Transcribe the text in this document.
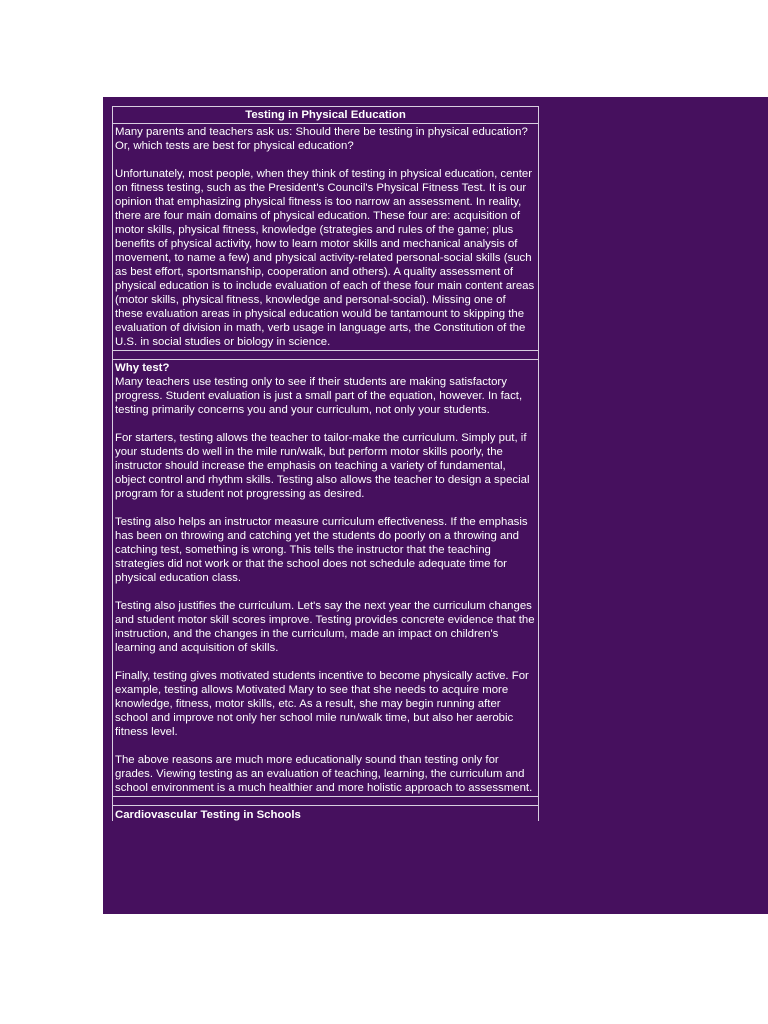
Testing in Physical Education

Many parents and teachers ask us: Should there be testing in physical education? Or, which tests are best for physical education?

Unfortunately, most people, when they think of testing in physical education, center on fitness testing, such as the President's Council's Physical Fitness Test. It is our opinion that emphasizing physical fitness is too narrow an assessment. In reality, there are four main domains of physical education. These four are: acquisition of motor skills, physical fitness, knowledge (strategies and rules of the game; plus benefits of physical activity, how to learn motor skills and mechanical analysis of movement, to name a few) and physical activity-related personal-social skills (such as best effort, sportsmanship, cooperation and others). A quality assessment of physical education is to include evaluation of each of these four main content areas (motor skills, physical fitness, knowledge and personal-social). Missing one of these evaluation areas in physical education would be tantamount to skipping the evaluation of division in math, verb usage in language arts, the Constitution of the U.S. in social studies or biology in science.

Why test?

Many teachers use testing only to see if their students are making satisfactory progress. Student evaluation is just a small part of the equation, however. In fact, testing primarily concerns you and your curriculum, not only your students.

For starters, testing allows the teacher to tailor-make the curriculum. Simply put, if your students do well in the mile run/walk, but perform motor skills poorly, the instructor should increase the emphasis on teaching a variety of fundamental, object control and rhythm skills. Testing also allows the teacher to design a special program for a student not progressing as desired.

Testing also helps an instructor measure curriculum effectiveness. If the emphasis has been on throwing and catching yet the students do poorly on a throwing and catching test, something is wrong. This tells the instructor that the teaching strategies did not work or that the school does not schedule adequate time for physical education class.

Testing also justifies the curriculum. Let's say the next year the curriculum changes and student motor skill scores improve. Testing provides concrete evidence that the instruction, and the changes in the curriculum, made an impact on children's learning and acquisition of skills.

Finally, testing gives motivated students incentive to become physically active. For example, testing allows Motivated Mary to see that she needs to acquire more knowledge, fitness, motor skills, etc. As a result, she may begin running after school and improve not only her school mile run/walk time, but also her aerobic fitness level.

The above reasons are much more educationally sound than testing only for grades. Viewing testing as an evaluation of teaching, learning, the curriculum and school environment is a much healthier and more holistic approach to assessment.

Cardiovascular Testing in Schools
